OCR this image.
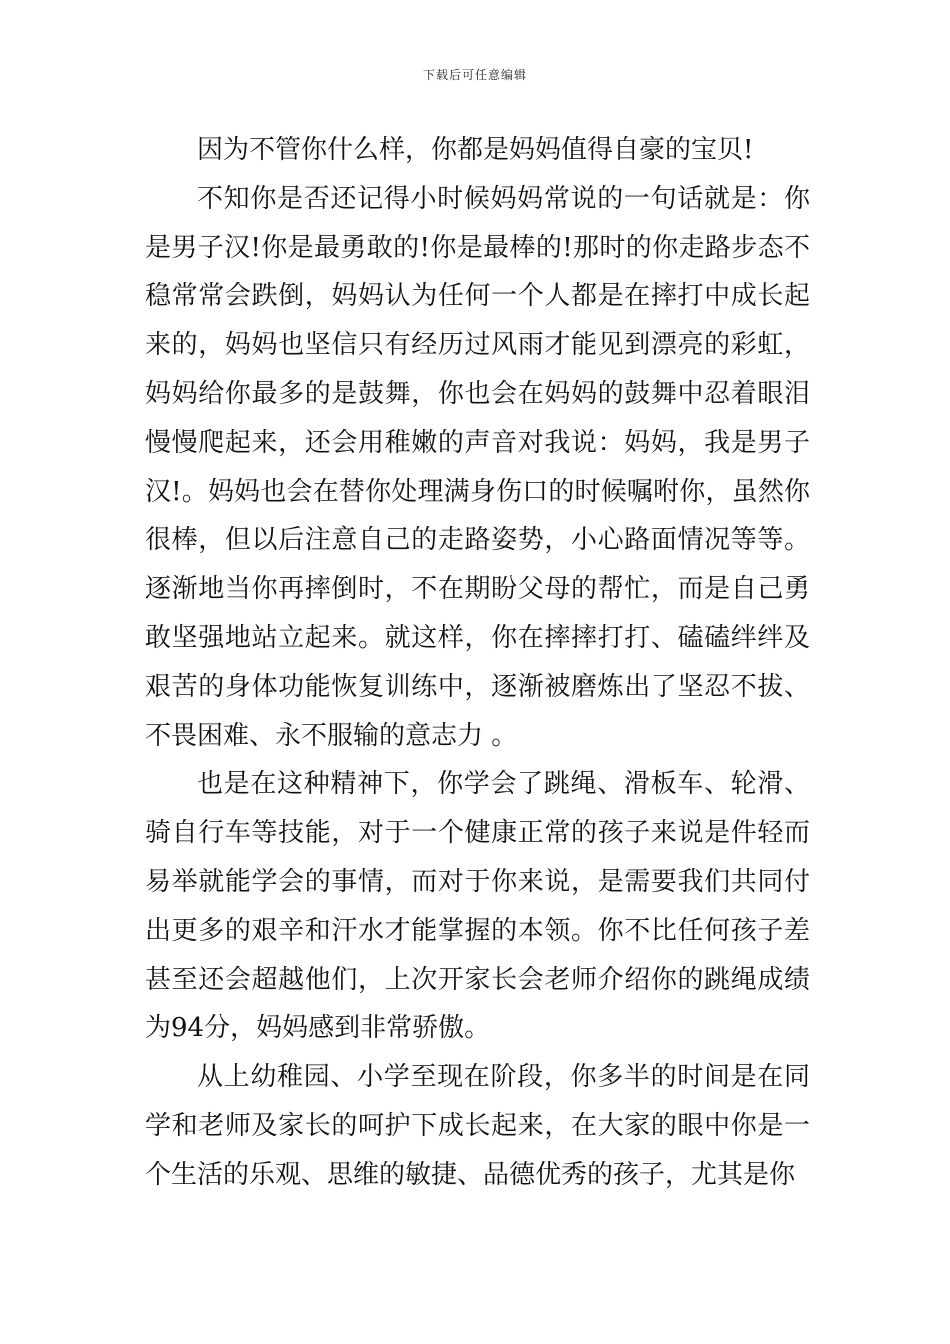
下载后可任意编辑

因为不管你什么样，你都是妈妈值得自豪的宝贝!

不知你是否还记得小时候妈妈常说的一句话就是：你是男子汉!你是最勇敢的!你是最棒的!那时的你走路步态不稳常常会跌倒，妈妈认为任何一个人都是在摔打中成长起来的，妈妈也坚信只有经历过风雨才能见到漂亮的彩虹，妈妈给你最多的是鼓舞，你也会在妈妈的鼓舞中忍着眼泪慢慢爬起来，还会用稚嫩的声音对我说：妈妈，我是男子汉!。妈妈也会在替你处理满身伤口的时候嘱咐你，虽然你很棒，但以后注意自己的走路姿势，小心路面情况等等。逐渐地当你再摔倒时，不在期盼父母的帮忙，而是自己勇敢坚强地站立起来。就这样，你在摔摔打打、磕磕绊绊及艰苦的身体功能恢复训练中，逐渐被磨炼出了坚忍不拔、不畏困难、永不服输的意志力 。

也是在这种精神下，你学会了跳绳、滑板车、轮滑、骑自行车等技能，对于一个健康正常的孩子来说是件轻而易举就能学会的事情，而对于你来说，是需要我们共同付出更多的艰辛和汗水才能掌握的本领。你不比任何孩子差甚至还会超越他们，上次开家长会老师介绍你的跳绳成绩为94分，妈妈感到非常骄傲。

从上幼稚园、小学至现在阶段，你多半的时间是在同学和老师及家长的呵护下成长起来，在大家的眼中你是一个生活的乐观、思维的敏捷、品德优秀的孩子，尤其是你
